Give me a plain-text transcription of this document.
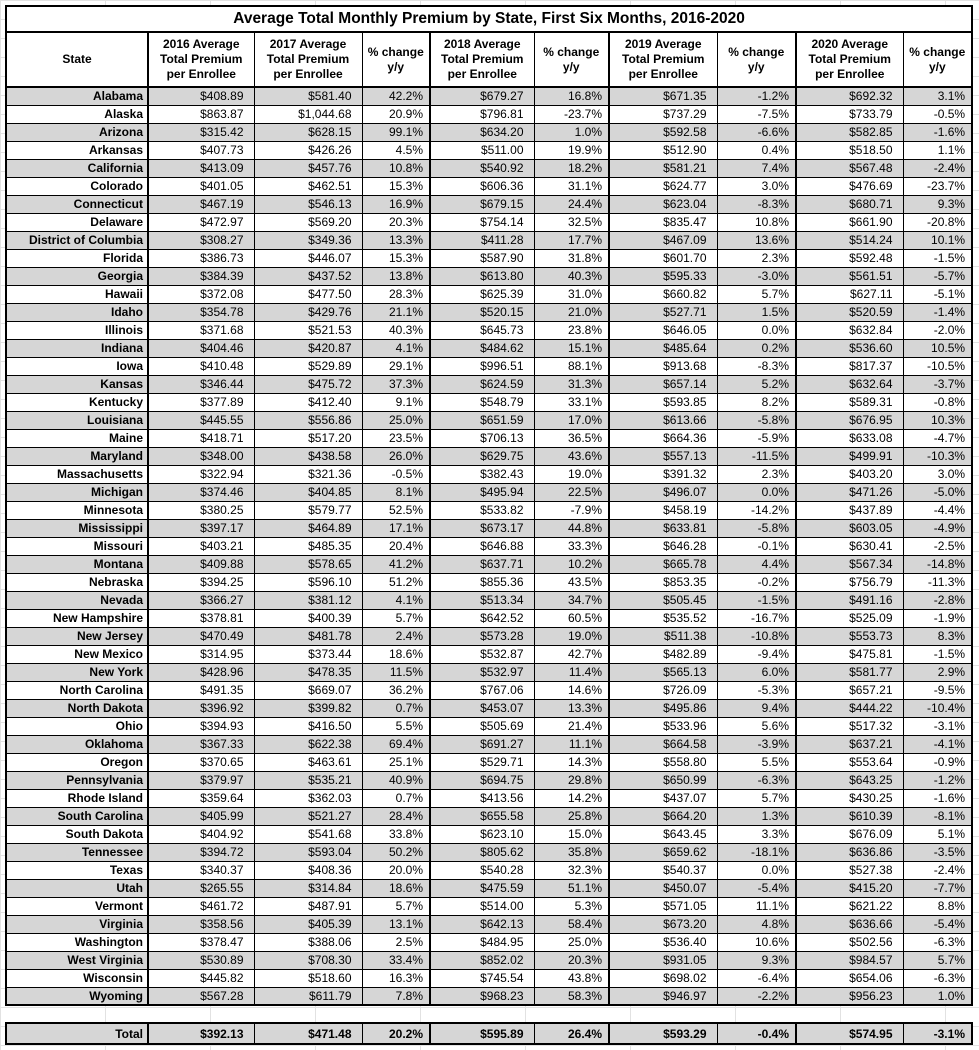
Average Total Monthly Premium by State, First Six Months, 2016-2020									
State	2016 Average Total Premium per Enrollee	2017 Average Total Premium per Enrollee	% change y/y	2018 Average Total Premium per Enrollee	% change y/y	2019 Average Total Premium per Enrollee	% change y/y	2020 Average Total Premium per Enrollee	% change y/y
Alabama	$408.89	$581.40	42.2%	$679.27	16.8%	$671.35	-1.2%	$692.32	3.1%
Alaska	$863.87	$1,044.68	20.9%	$796.81	-23.7%	$737.29	-7.5%	$733.79	-0.5%
Arizona	$315.42	$628.15	99.1%	$634.20	1.0%	$592.58	-6.6%	$582.85	-1.6%
Arkansas	$407.73	$426.26	4.5%	$511.00	19.9%	$512.90	0.4%	$518.50	1.1%
California	$413.09	$457.76	10.8%	$540.92	18.2%	$581.21	7.4%	$567.48	-2.4%
Colorado	$401.05	$462.51	15.3%	$606.36	31.1%	$624.77	3.0%	$476.69	-23.7%
Connecticut	$467.19	$546.13	16.9%	$679.15	24.4%	$623.04	-8.3%	$680.71	9.3%
Delaware	$472.97	$569.20	20.3%	$754.14	32.5%	$835.47	10.8%	$661.90	-20.8%
District of Columbia	$308.27	$349.36	13.3%	$411.28	17.7%	$467.09	13.6%	$514.24	10.1%
Florida	$386.73	$446.07	15.3%	$587.90	31.8%	$601.70	2.3%	$592.48	-1.5%
Georgia	$384.39	$437.52	13.8%	$613.80	40.3%	$595.33	-3.0%	$561.51	-5.7%
Hawaii	$372.08	$477.50	28.3%	$625.39	31.0%	$660.82	5.7%	$627.11	-5.1%
Idaho	$354.78	$429.76	21.1%	$520.15	21.0%	$527.71	1.5%	$520.59	-1.4%
Illinois	$371.68	$521.53	40.3%	$645.73	23.8%	$646.05	0.0%	$632.84	-2.0%
Indiana	$404.46	$420.87	4.1%	$484.62	15.1%	$485.64	0.2%	$536.60	10.5%
Iowa	$410.48	$529.89	29.1%	$996.51	88.1%	$913.68	-8.3%	$817.37	-10.5%
Kansas	$346.44	$475.72	37.3%	$624.59	31.3%	$657.14	5.2%	$632.64	-3.7%
Kentucky	$377.89	$412.40	9.1%	$548.79	33.1%	$593.85	8.2%	$589.31	-0.8%
Louisiana	$445.55	$556.86	25.0%	$651.59	17.0%	$613.66	-5.8%	$676.95	10.3%
Maine	$418.71	$517.20	23.5%	$706.13	36.5%	$664.36	-5.9%	$633.08	-4.7%
Maryland	$348.00	$438.58	26.0%	$629.75	43.6%	$557.13	-11.5%	$499.91	-10.3%
Massachusetts	$322.94	$321.36	-0.5%	$382.43	19.0%	$391.32	2.3%	$403.20	3.0%
Michigan	$374.46	$404.85	8.1%	$495.94	22.5%	$496.07	0.0%	$471.26	-5.0%
Minnesota	$380.25	$579.77	52.5%	$533.82	-7.9%	$458.19	-14.2%	$437.89	-4.4%
Mississippi	$397.17	$464.89	17.1%	$673.17	44.8%	$633.81	-5.8%	$603.05	-4.9%
Missouri	$403.21	$485.35	20.4%	$646.88	33.3%	$646.28	-0.1%	$630.41	-2.5%
Montana	$409.88	$578.65	41.2%	$637.71	10.2%	$665.78	4.4%	$567.34	-14.8%
Nebraska	$394.25	$596.10	51.2%	$855.36	43.5%	$853.35	-0.2%	$756.79	-11.3%
Nevada	$366.27	$381.12	4.1%	$513.34	34.7%	$505.45	-1.5%	$491.16	-2.8%
New Hampshire	$378.81	$400.39	5.7%	$642.52	60.5%	$535.52	-16.7%	$525.09	-1.9%
New Jersey	$470.49	$481.78	2.4%	$573.28	19.0%	$511.38	-10.8%	$553.73	8.3%
New Mexico	$314.95	$373.44	18.6%	$532.87	42.7%	$482.89	-9.4%	$475.81	-1.5%
New York	$428.96	$478.35	11.5%	$532.97	11.4%	$565.13	6.0%	$581.77	2.9%
North Carolina	$491.35	$669.07	36.2%	$767.06	14.6%	$726.09	-5.3%	$657.21	-9.5%
North Dakota	$396.92	$399.82	0.7%	$453.07	13.3%	$495.86	9.4%	$444.22	-10.4%
Ohio	$394.93	$416.50	5.5%	$505.69	21.4%	$533.96	5.6%	$517.32	-3.1%
Oklahoma	$367.33	$622.38	69.4%	$691.27	11.1%	$664.58	-3.9%	$637.21	-4.1%
Oregon	$370.65	$463.61	25.1%	$529.71	14.3%	$558.80	5.5%	$553.64	-0.9%
Pennsylvania	$379.97	$535.21	40.9%	$694.75	29.8%	$650.99	-6.3%	$643.25	-1.2%
Rhode Island	$359.64	$362.03	0.7%	$413.56	14.2%	$437.07	5.7%	$430.25	-1.6%
South Carolina	$405.99	$521.27	28.4%	$655.58	25.8%	$664.20	1.3%	$610.39	-8.1%
South Dakota	$404.92	$541.68	33.8%	$623.10	15.0%	$643.45	3.3%	$676.09	5.1%
Tennessee	$394.72	$593.04	50.2%	$805.62	35.8%	$659.62	-18.1%	$636.86	-3.5%
Texas	$340.37	$408.36	20.0%	$540.28	32.3%	$540.37	0.0%	$527.38	-2.4%
Utah	$265.55	$314.84	18.6%	$475.59	51.1%	$450.07	-5.4%	$415.20	-7.7%
Vermont	$461.72	$487.91	5.7%	$514.00	5.3%	$571.05	11.1%	$621.22	8.8%
Virginia	$358.56	$405.39	13.1%	$642.13	58.4%	$673.20	4.8%	$636.66	-5.4%
Washington	$378.47	$388.06	2.5%	$484.95	25.0%	$536.40	10.6%	$502.56	-6.3%
West Virginia	$530.89	$708.30	33.4%	$852.02	20.3%	$931.05	9.3%	$984.57	5.7%
Wisconsin	$445.82	$518.60	16.3%	$745.54	43.8%	$698.02	-6.4%	$654.06	-6.3%
Wyoming	$567.28	$611.79	7.8%	$968.23	58.3%	$946.97	-2.2%	$956.23	1.0%
Total	$392.13	$471.48	20.2%	$595.89	26.4%	$593.29	-0.4%	$574.95	-3.1%
